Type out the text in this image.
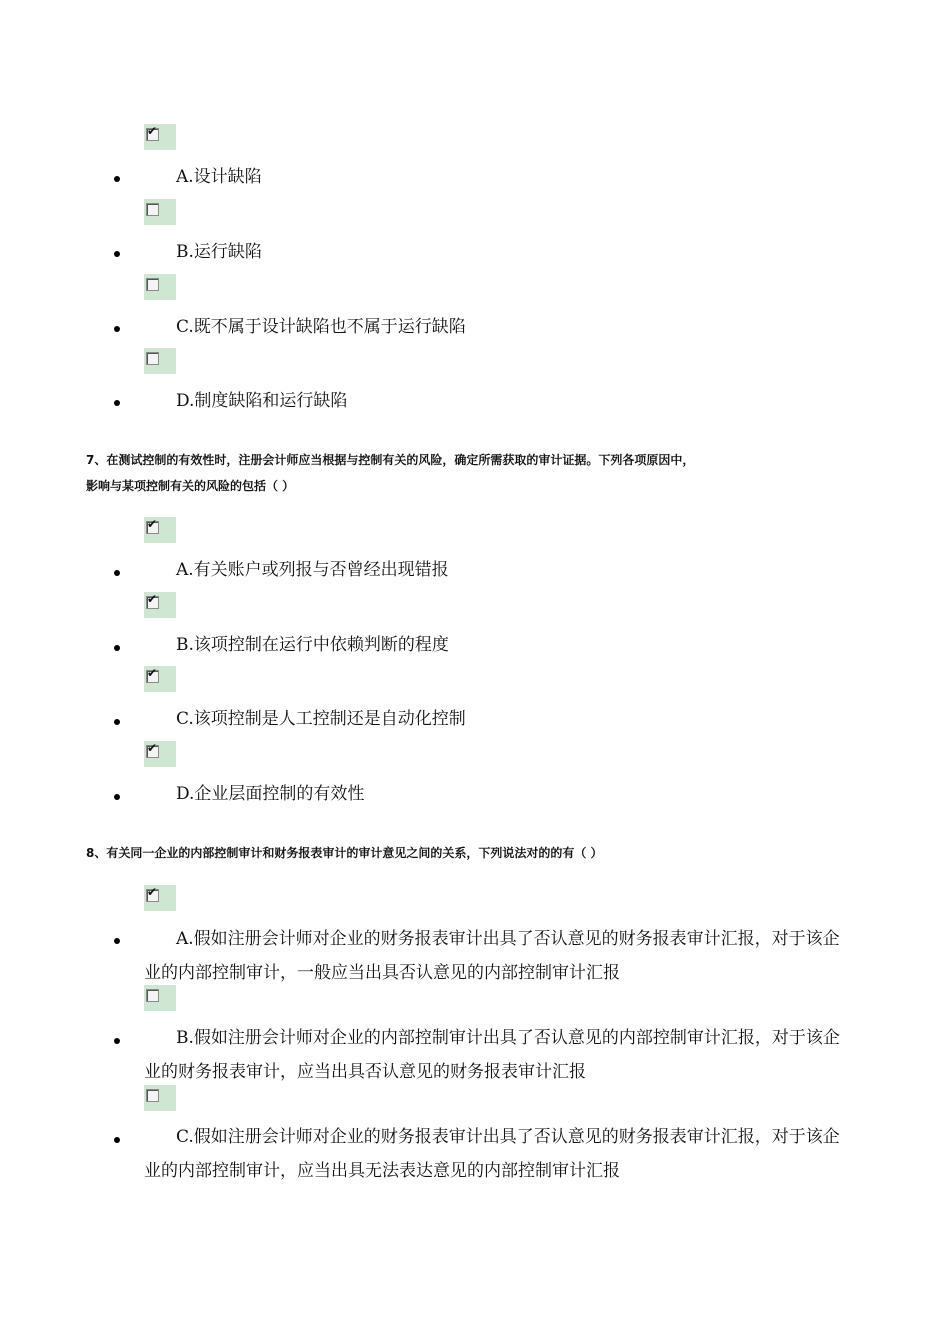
✔
A.设计缺陷
B.运行缺陷
C.既不属于设计缺陷也不属于运行缺陷
D.制度缺陷和运行缺陷
7、在测试控制的有效性时，注册会计师应当根据与控制有关的风险，确定所需获取的审计证据。下列各项原因中，
影响与某项控制有关的风险的包括（ ）
✔
A.有关账户或列报与否曾经出现错报
✔
B.该项控制在运行中依赖判断的程度
✔
C.该项控制是人工控制还是自动化控制
✔
D.企业层面控制的有效性
8、有关同一企业的内部控制审计和财务报表审计的审计意见之间的关系，下列说法对的的有（ ）
✔
A.假如注册会计师对企业的财务报表审计出具了否认意见的财务报表审计汇报，对于该企业的内部控制审计，一般应当出具否认意见的内部控制审计汇报
B.假如注册会计师对企业的内部控制审计出具了否认意见的内部控制审计汇报，对于该企业的财务报表审计，应当出具否认意见的财务报表审计汇报
C.假如注册会计师对企业的财务报表审计出具了否认意见的财务报表审计汇报，对于该企业的内部控制审计，应当出具无法表达意见的内部控制审计汇报
